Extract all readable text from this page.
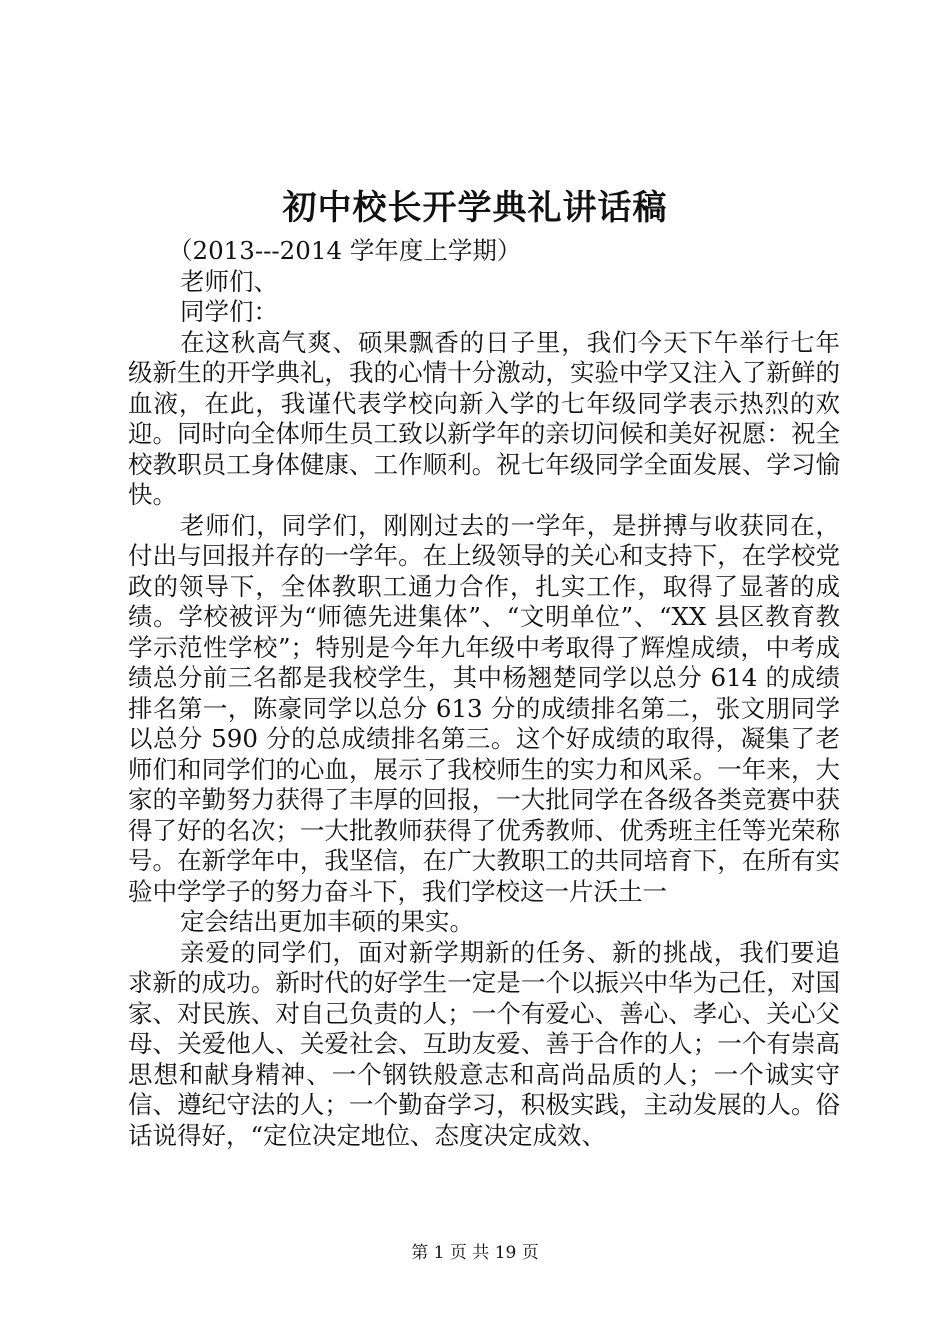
初中校长开学典礼讲话稿

（2013---2014 学年度上学期）

老师们、

同学们：

在这秋高气爽、硕果飘香的日子里，我们今天下午举行七年级新生的开学典礼，我的心情十分激动，实验中学又注入了新鲜的血液，在此，我谨代表学校向新入学的七年级同学表示热烈的欢迎。同时向全体师生员工致以新学年的亲切问候和美好祝愿：祝全校教职员工身体健康、工作顺利。祝七年级同学全面发展、学习愉快。

老师们，同学们，刚刚过去的一学年，是拼搏与收获同在，付出与回报并存的一学年。在上级领导的关心和支持下，在学校党政的领导下，全体教职工通力合作，扎实工作，取得了显著的成绩。学校被评为“师德先进集体”、“文明单位”、“XX 县区教育教学示范性学校”；特别是今年九年级中考取得了辉煌成绩，中考成绩总分前三名都是我校学生，其中杨翘楚同学以总分 614 的成绩排名第一，陈豪同学以总分 613 分的成绩排名第二，张文朋同学以总分 590 分的总成绩排名第三。这个好成绩的取得，凝集了老师们和同学们的心血，展示了我校师生的实力和风采。一年来，大家的辛勤努力获得了丰厚的回报，一大批同学在各级各类竞赛中获得了好的名次；一大批教师获得了优秀教师、优秀班主任等光荣称号。在新学年中，我坚信，在广大教职工的共同培育下，在所有实验中学学子的努力奋斗下，我们学校这一片沃土一

定会结出更加丰硕的果实。

亲爱的同学们，面对新学期新的任务、新的挑战，我们要追求新的成功。新时代的好学生一定是一个以振兴中华为己任，对国家、对民族、对自己负责的人；一个有爱心、善心、孝心、关心父母、关爱他人、关爱社会、互助友爱、善于合作的人；一个有崇高思想和献身精神、一个钢铁般意志和高尚品质的人；一个诚实守信、遵纪守法的人；一个勤奋学习，积极实践，主动发展的人。俗话说得好，“定位决定地位、态度决定成效、

第 1 页 共 19 页
